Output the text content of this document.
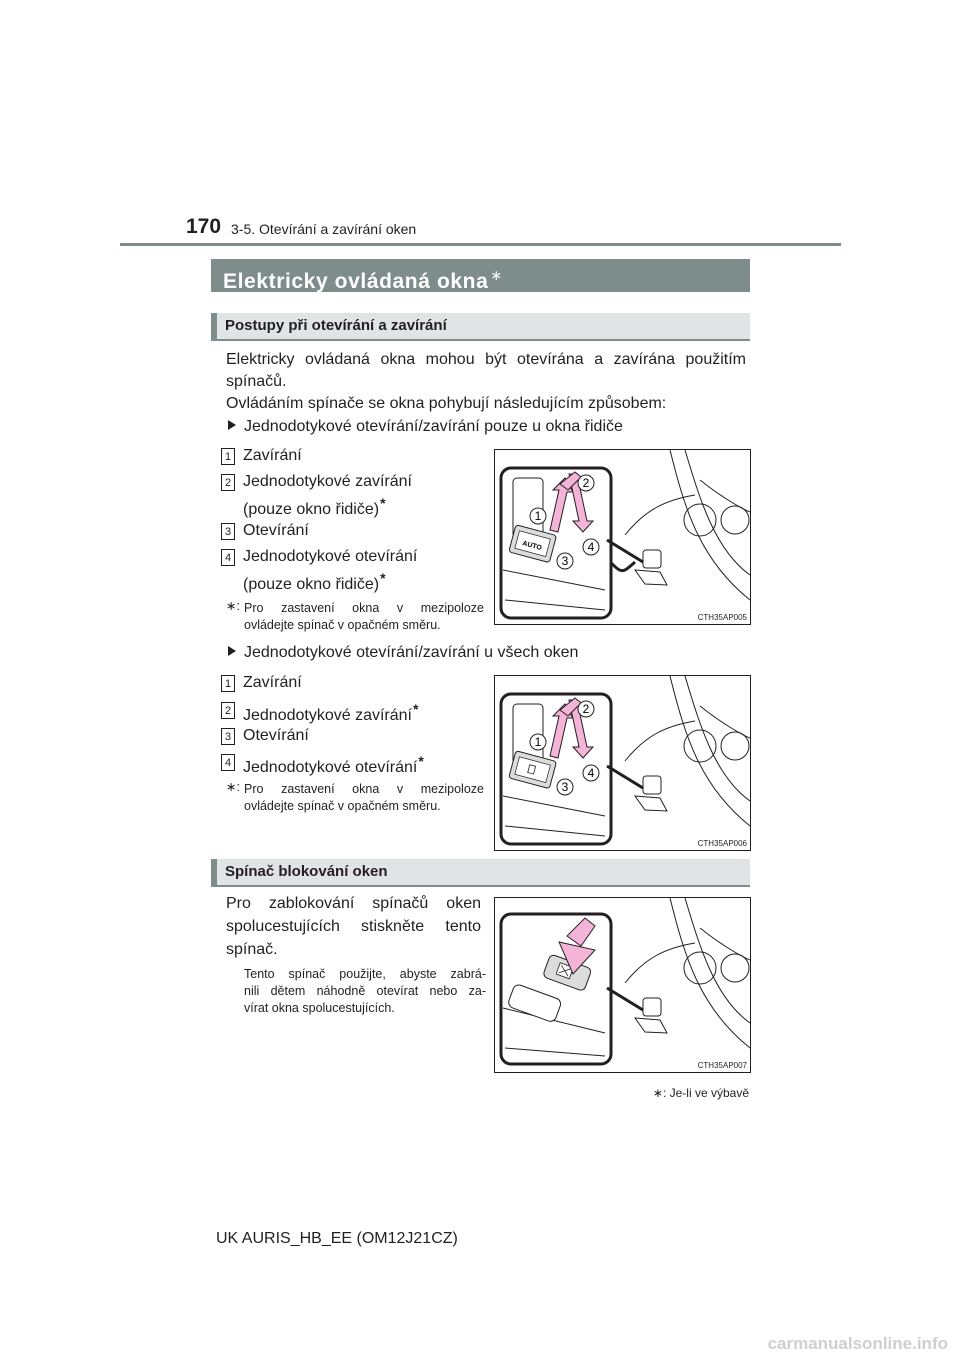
170 3-5. Otevírání a zavírání oken
Elektricky ovládaná okna ∗
Postupy při otevírání a zavírání
Elektricky ovládaná okna mohou být otevírána a zavírána použitím
spínačů.
Ovládáním spínače se okna pohybují následujícím způsobem:
Jednodotykové otevírání/zavírání pouze u okna řidiče
1 Zavírání
2 Jednodotykové zavírání
(pouze okno řidiče)*
3 Otevírání
4 Jednodotykové otevírání
(pouze okno řidiče)*
∗: Pro zastavení okna v mezipoloze
ovládejte spínač v opačném směru.
AUTO
1
2
3
4
CTH35AP005
Jednodotykové otevírání/zavírání u všech oken
1 Zavírání
2 Jednodotykové zavírání*
3 Otevírání
4 Jednodotykové otevírání*
∗: Pro zastavení okna v mezipoloze
ovládejte spínač v opačném směru.
1
2
3
4
CTH35AP006
Spínač blokování oken
Pro zablokování spínačů oken
spolucestujících stiskněte tento
spínač.
Tento spínač použijte, abyste zabrá-
nili dětem náhodně otevírat nebo za-
vírat okna spolucestujících.
CTH35AP007
∗: Je-li ve výbavě
UK AURIS_HB_EE (OM12J21CZ)
carmanualsonline.info
